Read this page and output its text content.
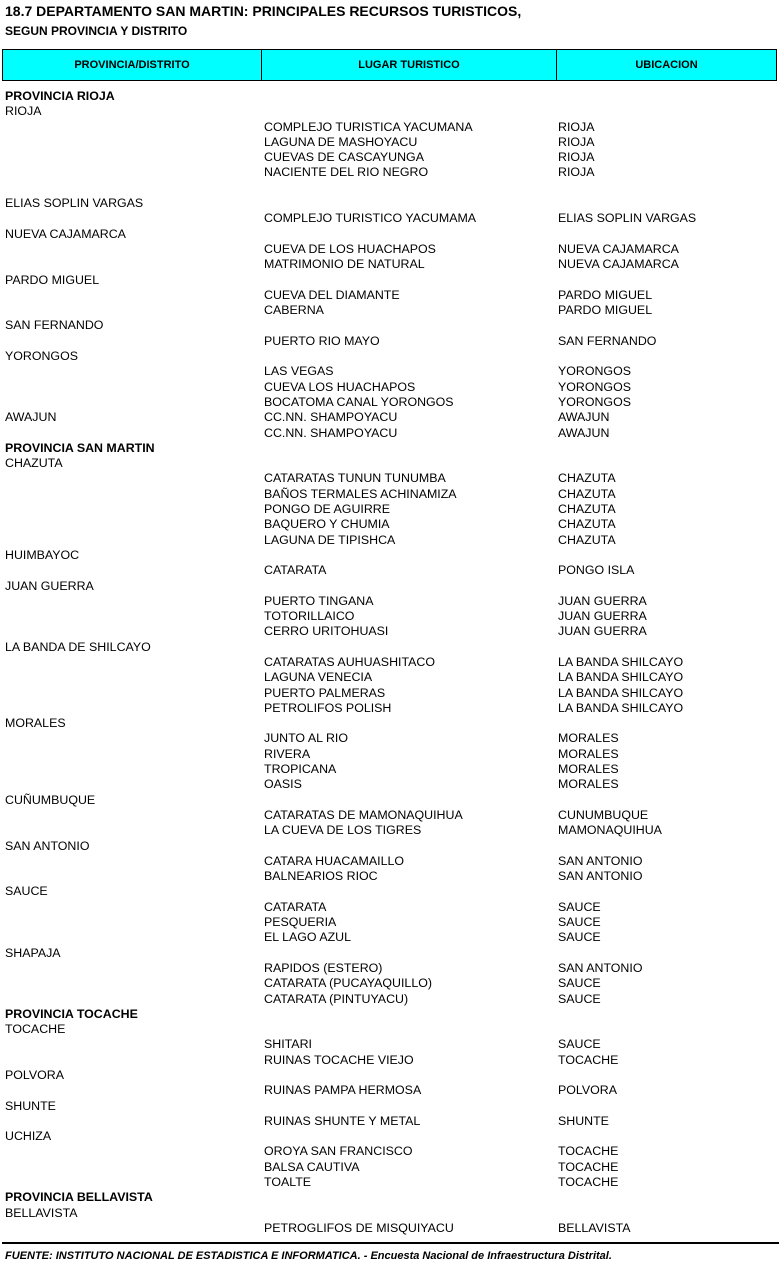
18.7 DEPARTAMENTO SAN MARTIN: PRINCIPALES RECURSOS TURISTICOS,
SEGUN PROVINCIA Y DISTRITO
PROVINCIA/DISTRITO	LUGAR TURISTICO	UBICACION
PROVINCIA RIOJA
RIOJA
COMPLEJO TURISTICA YACUMANA	RIOJA
LAGUNA DE MASHOYACU	RIOJA
CUEVAS DE CASCAYUNGA	RIOJA
NACIENTE DEL RIO NEGRO	RIOJA
ELIAS SOPLIN VARGAS
COMPLEJO TURISTICO YACUMAMA	ELIAS SOPLIN VARGAS
NUEVA CAJAMARCA
CUEVA DE LOS HUACHAPOS	NUEVA CAJAMARCA
MATRIMONIO DE NATURAL	NUEVA CAJAMARCA
PARDO MIGUEL
CUEVA DEL DIAMANTE	PARDO MIGUEL
CABERNA	PARDO MIGUEL
SAN FERNANDO
PUERTO RIO MAYO	SAN FERNANDO
YORONGOS
LAS VEGAS	YORONGOS
CUEVA LOS HUACHAPOS	YORONGOS
BOCATOMA CANAL YORONGOS	YORONGOS
AWAJUN	CC.NN. SHAMPOYACU	AWAJUN
CC.NN. SHAMPOYACU	AWAJUN
PROVINCIA SAN MARTIN
CHAZUTA
CATARATAS TUNUN TUNUMBA	CHAZUTA
BAÑOS TERMALES ACHINAMIZA	CHAZUTA
PONGO DE AGUIRRE	CHAZUTA
BAQUERO Y CHUMIA	CHAZUTA
LAGUNA DE TIPISHCA	CHAZUTA
HUIMBAYOC
CATARATA	PONGO ISLA
JUAN GUERRA
PUERTO TINGANA	JUAN GUERRA
TOTORILLAICO	JUAN GUERRA
CERRO URITOHUASI	JUAN GUERRA
LA BANDA DE SHILCAYO
CATARATAS AUHUASHITACO	LA BANDA SHILCAYO
LAGUNA VENECIA	LA BANDA SHILCAYO
PUERTO PALMERAS	LA BANDA SHILCAYO
PETROLIFOS POLISH	LA BANDA SHILCAYO
MORALES
JUNTO AL RIO	MORALES
RIVERA	MORALES
TROPICANA	MORALES
OASIS	MORALES
CUÑUMBUQUE
CATARATAS DE MAMONAQUIHUA	CUNUMBUQUE
LA CUEVA DE LOS TIGRES	MAMONAQUIHUA
SAN ANTONIO
CATARA HUACAMAILLO	SAN ANTONIO
BALNEARIOS RIOC	SAN ANTONIO
SAUCE
CATARATA	SAUCE
PESQUERIA	SAUCE
EL LAGO AZUL	SAUCE
SHAPAJA
RAPIDOS (ESTERO)	SAN ANTONIO
CATARATA (PUCAYAQUILLO)	SAUCE
CATARATA (PINTUYACU)	SAUCE
PROVINCIA TOCACHE
TOCACHE
SHITARI	SAUCE
RUINAS TOCACHE VIEJO	TOCACHE
POLVORA
RUINAS PAMPA HERMOSA	POLVORA
SHUNTE
RUINAS SHUNTE Y METAL	SHUNTE
UCHIZA
OROYA SAN FRANCISCO	TOCACHE
BALSA CAUTIVA	TOCACHE
TOALTE	TOCACHE
PROVINCIA BELLAVISTA
BELLAVISTA
PETROGLIFOS DE MISQUIYACU	BELLAVISTA
FUENTE: INSTITUTO NACIONAL DE ESTADISTICA E INFORMATICA. - Encuesta Nacional de Infraestructura Distrital.
